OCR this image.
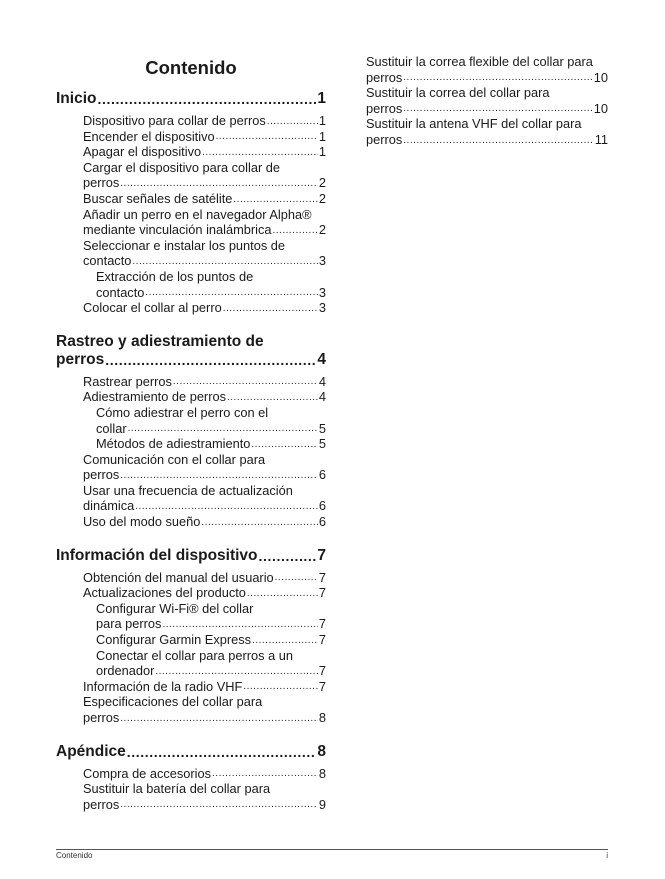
Contenido
Inicio .....	1
Dispositivo para collar de perros .....	1
Encender el dispositivo .....	1
Apagar el dispositivo .....	1
Cargar el dispositivo para collar de
perros .....	2
Buscar señales de satélite .....	2
Añadir un perro en el navegador Alpha®
mediante vinculación inalámbrica .....	2
Seleccionar e instalar los puntos de
contacto .....	3
Extracción de los puntos de
contacto .....	3
Colocar el collar al perro .....	3
Rastreo y adiestramiento de
perros .....	4
Rastrear perros .....	4
Adiestramiento de perros .....	4
Cómo adiestrar el perro con el
collar .....	5
Métodos de adiestramiento .....	5
Comunicación con el collar para
perros .....	6
Usar una frecuencia de actualización
dinámica .....	6
Uso del modo sueño .....	6
Información del dispositivo .....	7
Obtención del manual del usuario .....	7
Actualizaciones del producto .....	7
Configurar Wi‑Fi® del collar
para perros .....	7
Configurar Garmin Express .....	7
Conectar el collar para perros a un
ordenador .....	7
Información de la radio VHF .....	7
Especificaciones del collar para
perros .....	8
Apéndice .....	8
Compra de accesorios .....	8
Sustituir la batería del collar para
perros .....	9
Sustituir la correa flexible del collar para
perros .....	10
Sustituir la correa del collar para
perros .....	10
Sustituir la antena VHF del collar para
perros .....	11
Contenido	i
